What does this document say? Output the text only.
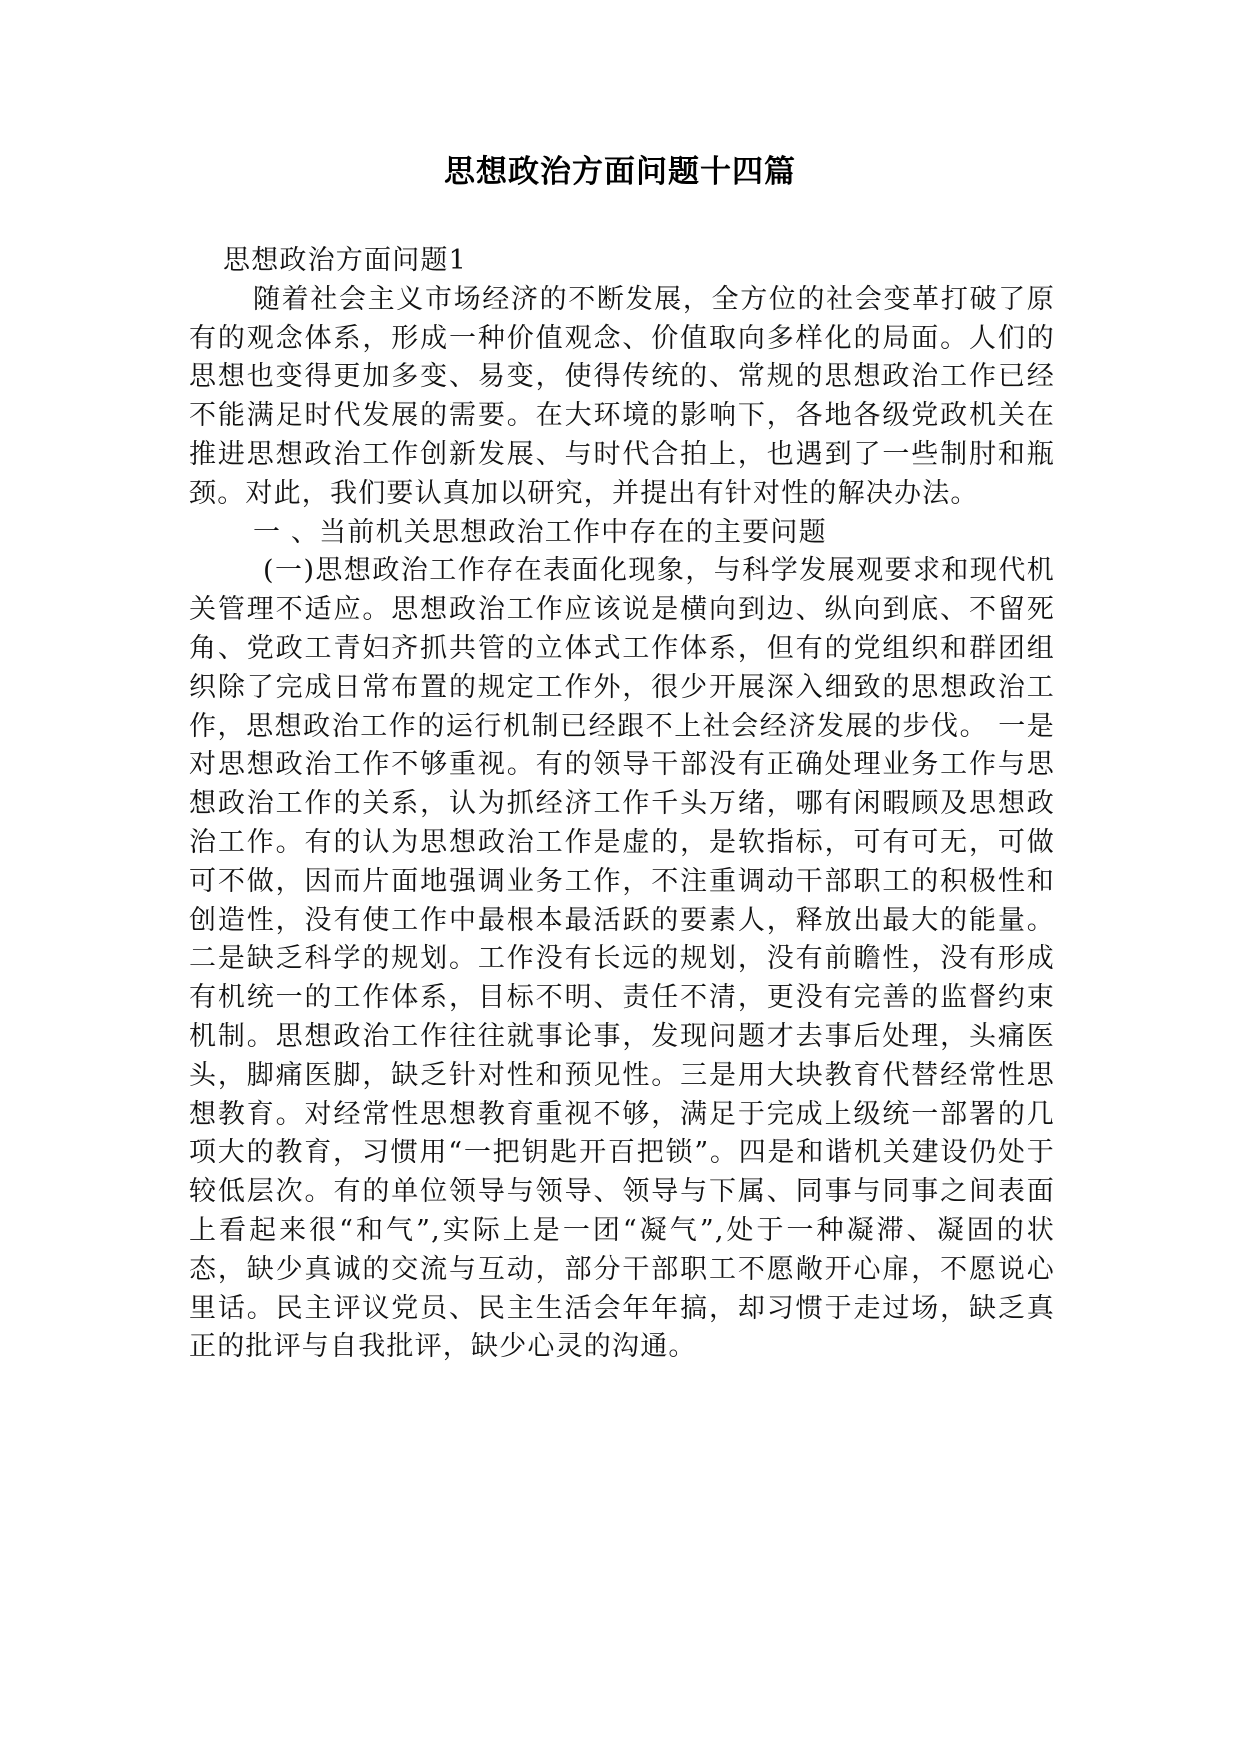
思想政治方面问题十四篇

思想政治方面问题1

随着社会主义市场经济的不断发展，全方位的社会变革打破了原有的观念体系，形成一种价值观念、价值取向多样化的局面。人们的思想也变得更加多变、易变，使得传统的、常规的思想政治工作已经不能满足时代发展的需要。在大环境的影响下，各地各级党政机关在推进思想政治工作创新发展、与时代合拍上，也遇到了一些制肘和瓶颈。对此，我们要认真加以研究，并提出有针对性的解决办法。

一 、当前机关思想政治工作中存在的主要问题

(一)思想政治工作存在表面化现象，与科学发展观要求和现代机关管理不适应。思想政治工作应该说是横向到边、纵向到底、不留死角、党政工青妇齐抓共管的立体式工作体系，但有的党组织和群团组织除了完成日常布置的规定工作外，很少开展深入细致的思想政治工作，思想政治工作的运行机制已经跟不上社会经济发展的步伐。 一是对思想政治工作不够重视。有的领导干部没有正确处理业务工作与思想政治工作的关系，认为抓经济工作千头万绪，哪有闲暇顾及思想政治工作。有的认为思想政治工作是虚的，是软指标，可有可无，可做可不做，因而片面地强调业务工作，不注重调动干部职工的积极性和创造性，没有使工作中最根本最活跃的要素人，释放出最大的能量。二是缺乏科学的规划。工作没有长远的规划，没有前瞻性，没有形成有机统一的工作体系，目标不明、责任不清，更没有完善的监督约束机制。思想政治工作往往就事论事，发现问题才去事后处理，头痛医头，脚痛医脚，缺乏针对性和预见性。三是用大块教育代替经常性思想教育。对经常性思想教育重视不够，满足于完成上级统一部署的几项大的教育，习惯用“一把钥匙开百把锁”。四是和谐机关建设仍处于较低层次。有的单位领导与领导、领导与下属、同事与同事之间表面上看起来很“和气”,实际上是一团“凝气”,处于一种凝滞、凝固的状态，缺少真诚的交流与互动，部分干部职工不愿敞开心扉，不愿说心里话。民主评议党员、民主生活会年年搞，却习惯于走过场，缺乏真正的批评与自我批评，缺少心灵的沟通。
